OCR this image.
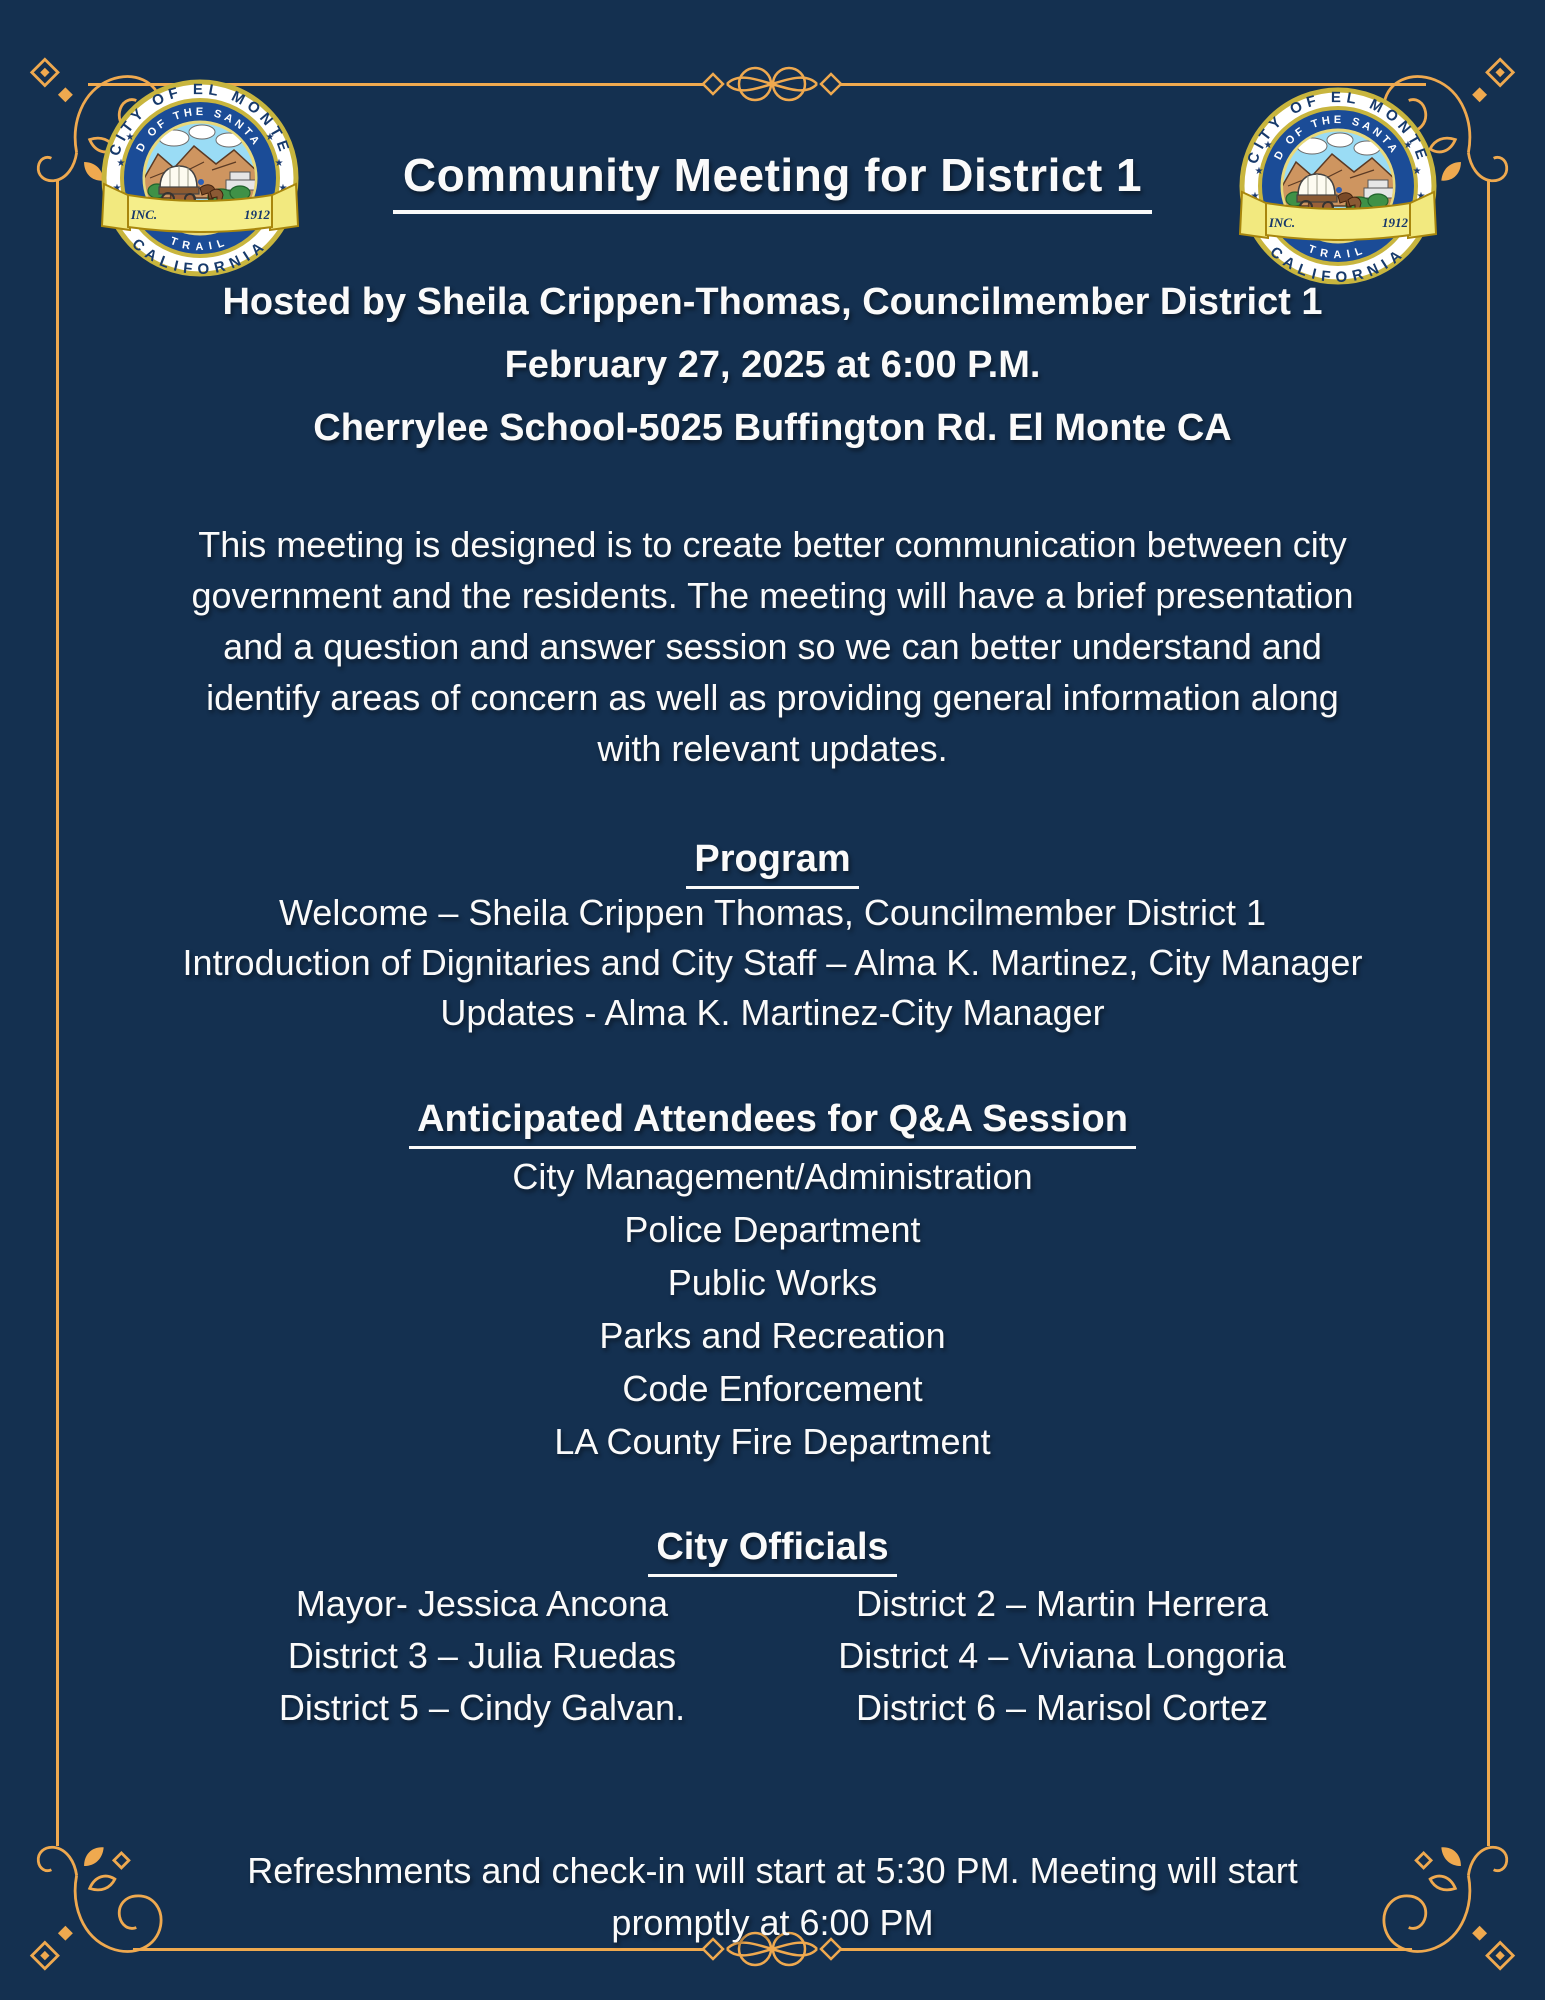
Community Meeting for District 1
Hosted by Sheila Crippen-Thomas, Councilmember District 1
February 27, 2025 at 6:00 P.M.
Cherrylee School-5025 Buffington Rd. El Monte CA
This meeting is designed is to create better communication between city
government and the residents. The meeting will have a brief presentation
and a question and answer session so we can better understand and
identify areas of concern as well as providing general information along
with relevant updates.
Program
Welcome – Sheila Crippen Thomas, Councilmember District 1
Introduction of Dignitaries and City Staff – Alma K. Martinez, City Manager
Updates - Alma K. Martinez-City Manager
Anticipated Attendees for Q&A Session
City Management/Administration
Police Department
Public Works
Parks and Recreation
Code Enforcement
LA County Fire Department
City Officials
Mayor- Jessica Ancona	District 2 – Martin Herrera
District 3 – Julia Ruedas	District 4 – Viviana Longoria
District 5 – Cindy Galvan.	District 6 – Marisol Cortez
Refreshments and check-in will start at 5:30 PM. Meeting will start
promptly at 6:00 PM
